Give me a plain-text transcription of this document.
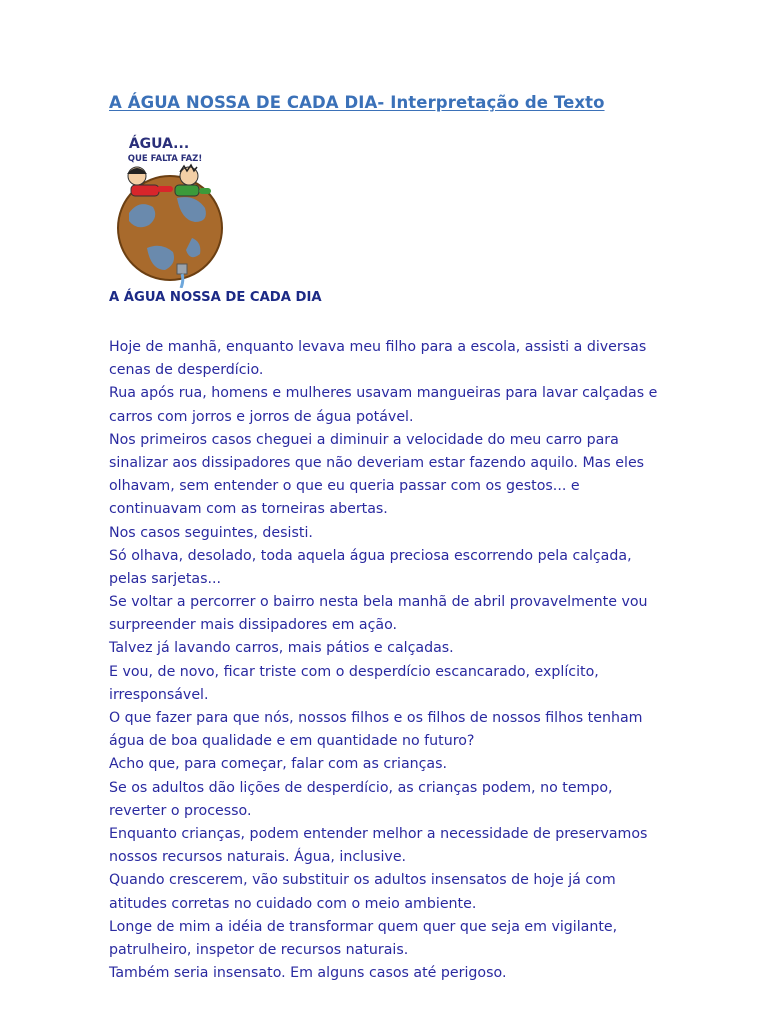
A ÁGUA NOSSA DE CADA DIA- Interpretação de Texto
ÁGUA...
QUE FALTA FAZ!
A ÁGUA NOSSA DE CADA DIA
Hoje de manhã, enquanto levava meu filho para a escola, assisti a diversas
cenas de desperdício.
Rua após rua, homens e mulheres usavam mangueiras para lavar calçadas e
carros com jorros e jorros de água potável.
Nos primeiros casos cheguei a diminuir a velocidade do meu carro para
sinalizar aos dissipadores que não deveriam estar fazendo aquilo. Mas eles
olhavam, sem entender o que eu queria passar com os gestos... e
continuavam com as torneiras abertas.
Nos casos seguintes, desisti.
Só olhava, desolado, toda aquela água preciosa escorrendo pela calçada,
pelas sarjetas...
Se voltar a percorrer o bairro nesta bela manhã de abril provavelmente vou
surpreender mais dissipadores em ação.
Talvez já lavando carros, mais pátios e calçadas.
E vou, de novo, ficar triste com o desperdício escancarado, explícito,
irresponsável.
O que fazer para que nós, nossos filhos e os filhos de nossos filhos tenham
água de boa qualidade e em quantidade no futuro?
Acho que, para começar, falar com as crianças.
Se os adultos dão lições de desperdício, as crianças podem, no tempo,
reverter o processo.
Enquanto crianças, podem entender melhor a necessidade de preservamos
nossos recursos naturais. Água, inclusive.
Quando crescerem, vão substituir os adultos insensatos de hoje já com
atitudes corretas no cuidado com o meio ambiente.
Longe de mim a idéia de transformar quem quer que seja em vigilante,
patrulheiro, inspetor de recursos naturais.
Também seria insensato. Em alguns casos até perigoso.
